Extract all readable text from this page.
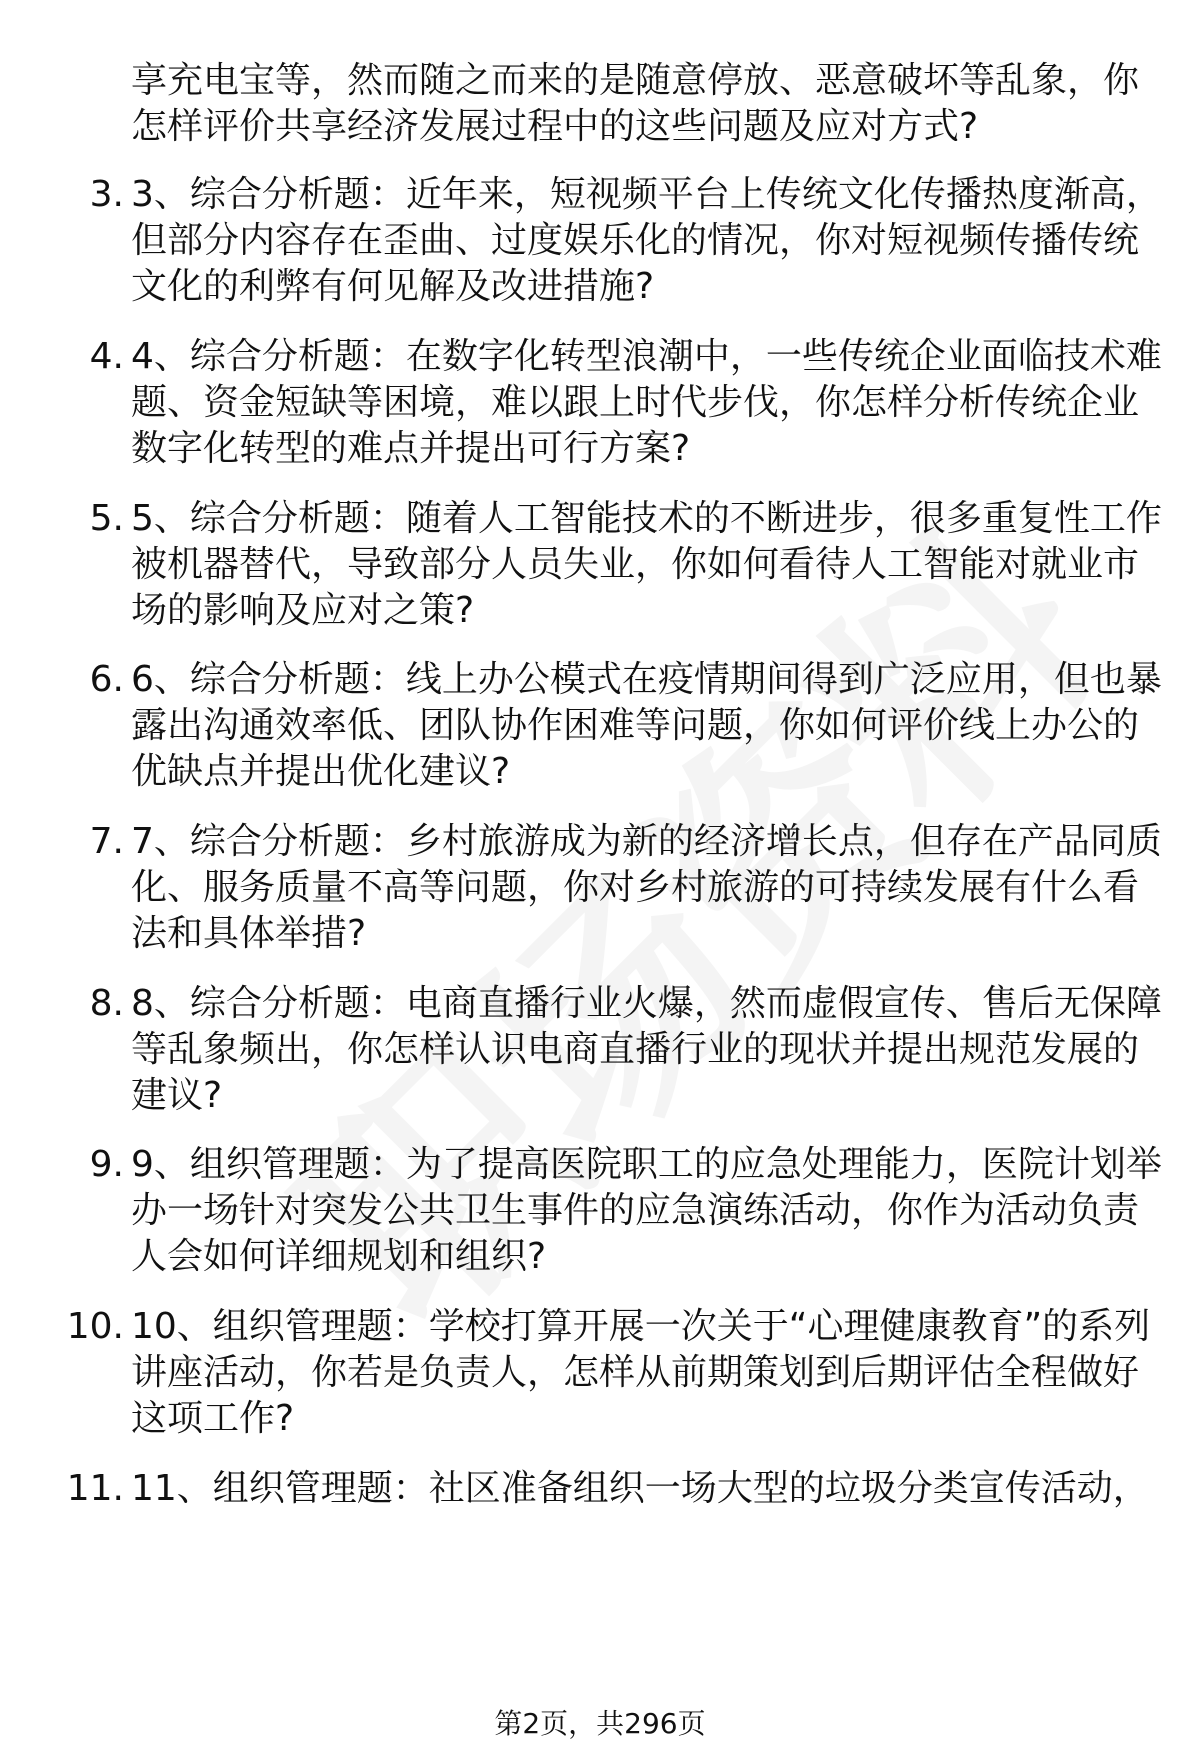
享充电宝等，然而随之而来的是随意停放、恶意破坏等乱象，你怎样评价共享经济发展过程中的这些问题及应对方式?
3. 3、综合分析题：近年来，短视频平台上传统文化传播热度渐高，但部分内容存在歪曲、过度娱乐化的情况，你对短视频传播传统文化的利弊有何见解及改进措施?
4. 4、综合分析题：在数字化转型浪潮中，一些传统企业面临技术难题、资金短缺等困境，难以跟上时代步伐，你怎样分析传统企业数字化转型的难点并提出可行方案?
5. 5、综合分析题：随着人工智能技术的不断进步，很多重复性工作被机器替代，导致部分人员失业，你如何看待人工智能对就业市场的影响及应对之策?
6. 6、综合分析题：线上办公模式在疫情期间得到广泛应用，但也暴露出沟通效率低、团队协作困难等问题，你如何评价线上办公的优缺点并提出优化建议?
7. 7、综合分析题：乡村旅游成为新的经济增长点，但存在产品同质化、服务质量不高等问题，你对乡村旅游的可持续发展有什么看法和具体举措?
8. 8、综合分析题：电商直播行业火爆，然而虚假宣传、售后无保障等乱象频出，你怎样认识电商直播行业的现状并提出规范发展的建议?
9. 9、组织管理题：为了提高医院职工的应急处理能力，医院计划举办一场针对突发公共卫生事件的应急演练活动，你作为活动负责人会如何详细规划和组织?
10. 10、组织管理题：学校打算开展一次关于“心理健康教育”的系列讲座活动，你若是负责人，怎样从前期策划到后期评估全程做好这项工作?
11. 11、组织管理题：社区准备组织一场大型的垃圾分类宣传活动，
第2页，共296页
